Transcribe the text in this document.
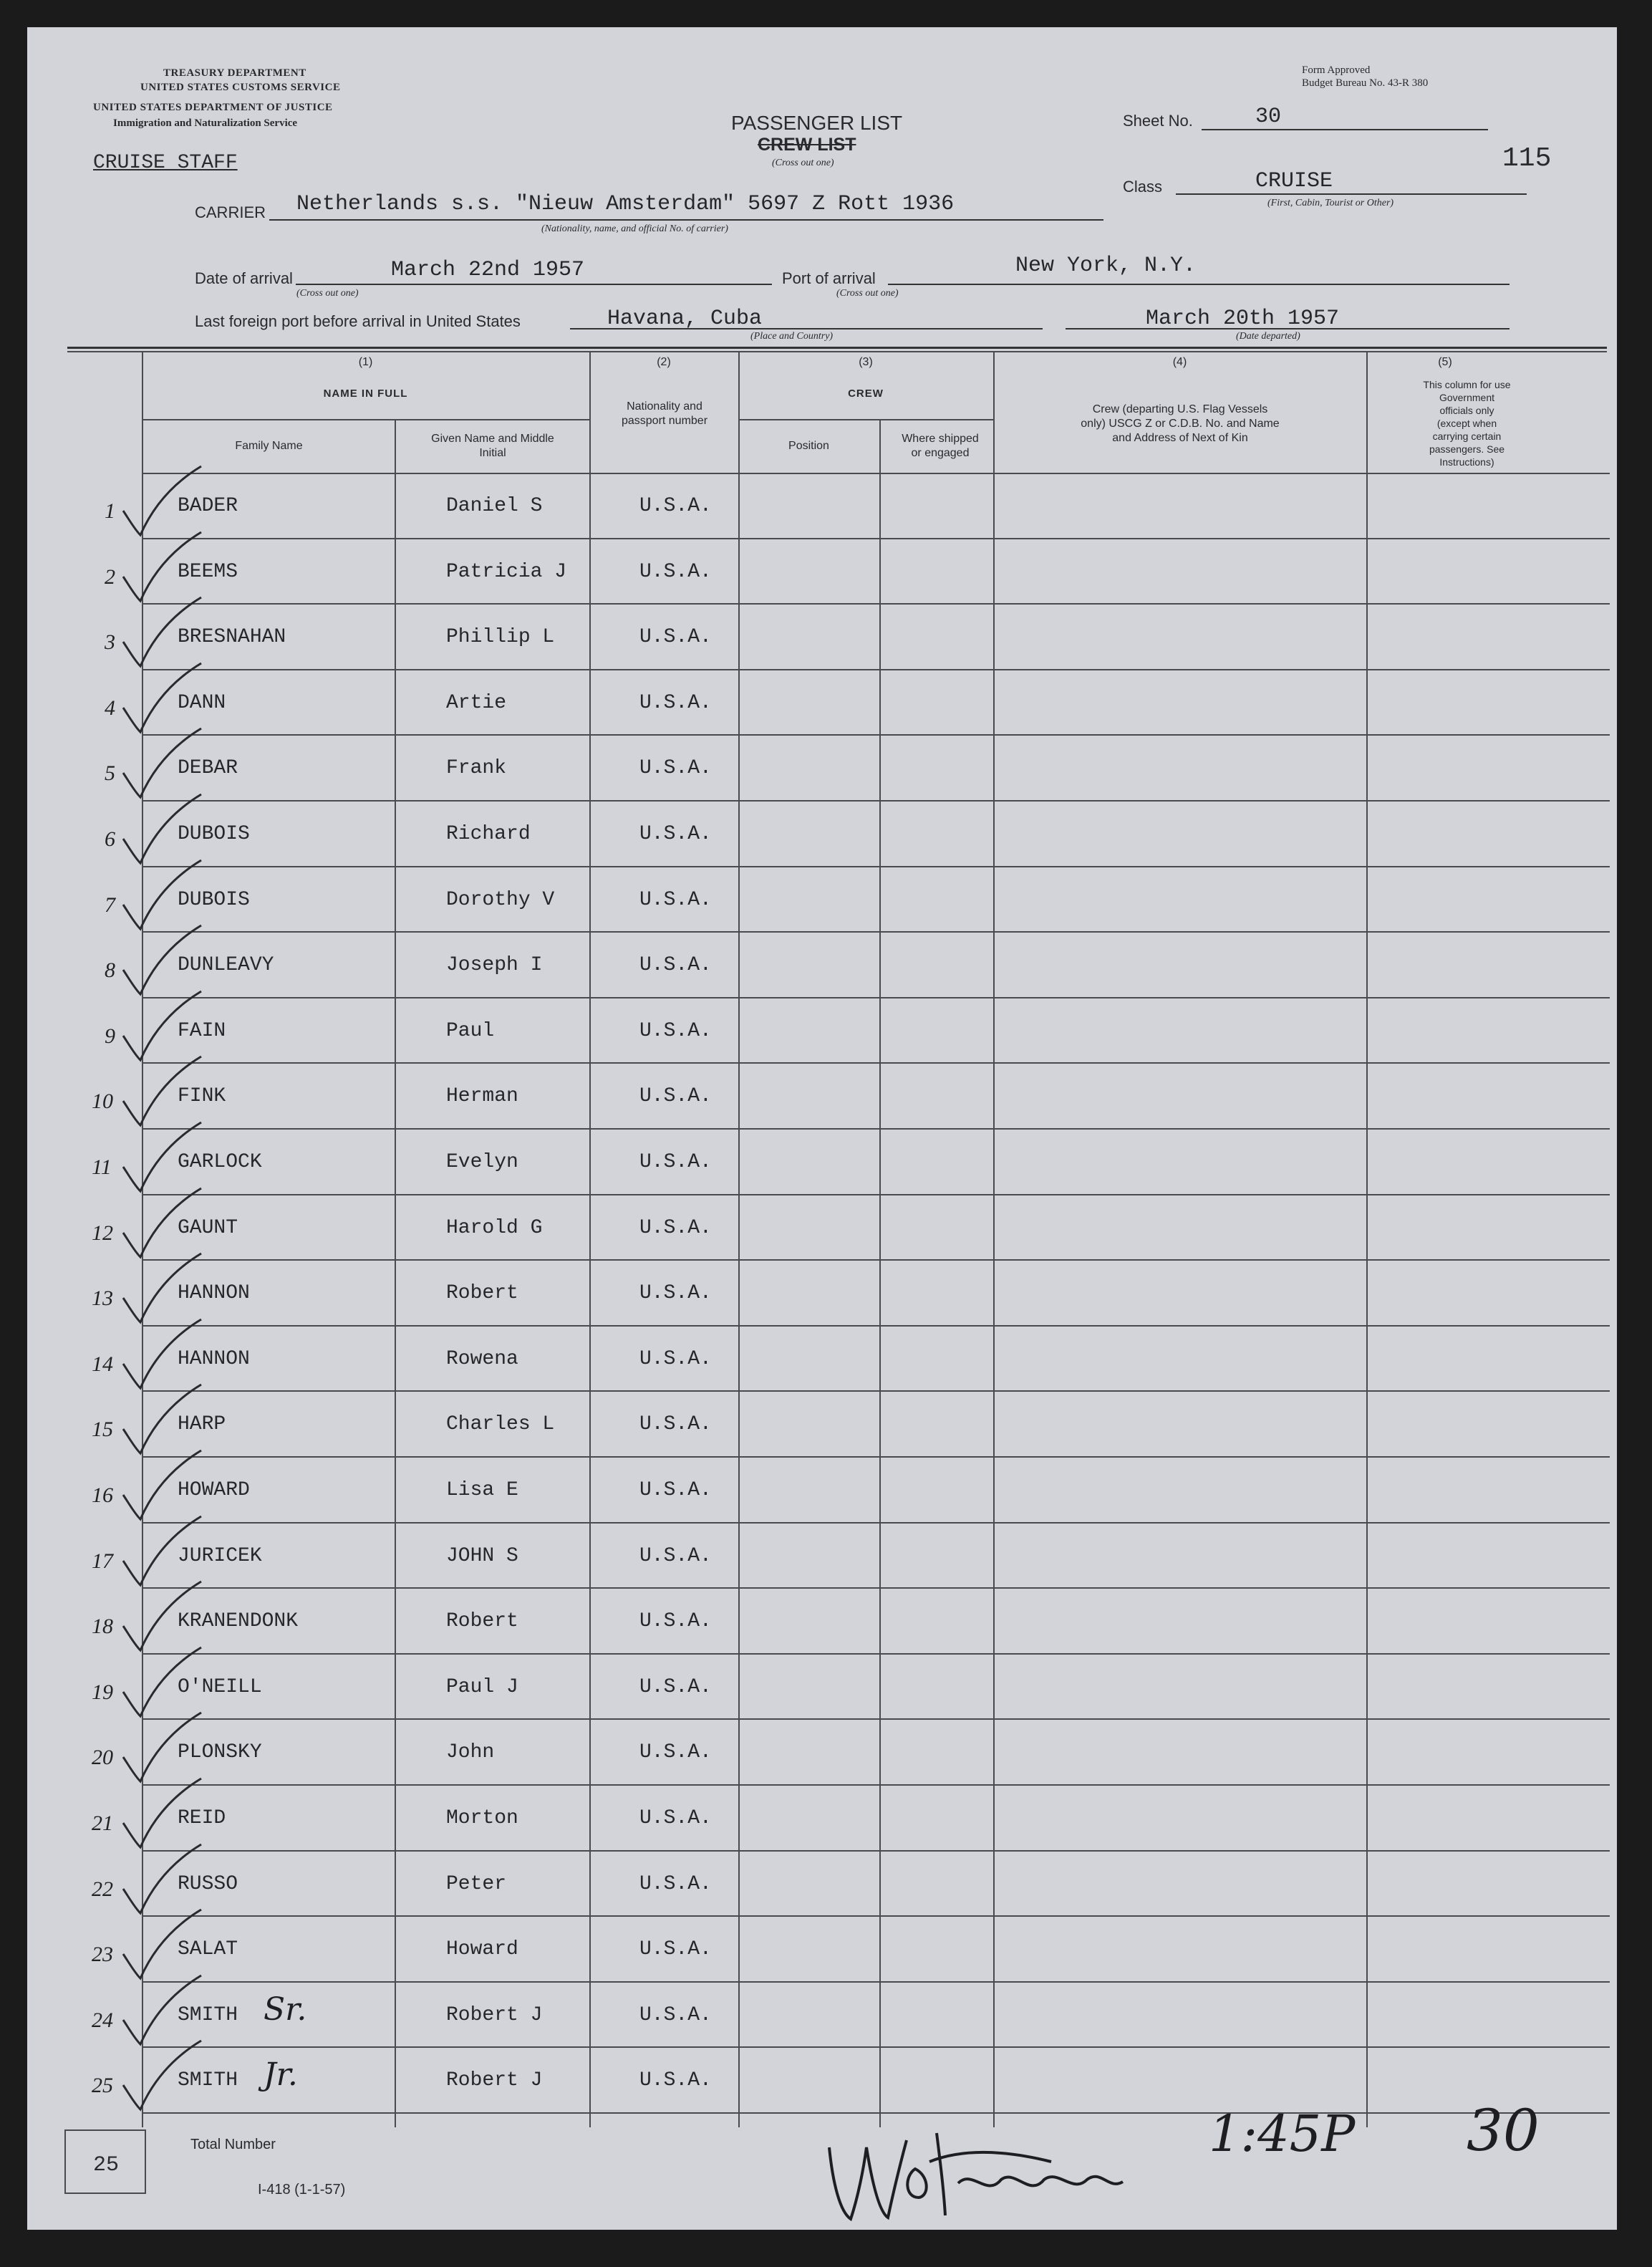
TREASURY DEPARTMENT
UNITED STATES CUSTOMS SERVICE
UNITED STATES DEPARTMENT OF JUSTICE
Immigration and Naturalization Service
CRUISE STAFF
PASSENGER LIST
CREW LIST
(Cross out one)
Form Approved
Budget Bureau No. 43-R 380
Sheet No.	30
115
Class	CRUISE
(First, Cabin, Tourist or Other)
CARRIER Netherlands s.s. "Nieuw Amsterdam" 5697 Z Rott 1936
(Nationality, name, and official No. of carrier)
Date of arrival	March 22nd 1957
(Cross out one)
Port of arrival
New York, N.Y.
(Cross out one)
Last foreign port before arrival in United States	Havana, Cuba
(Place and Country)
March 20th 1957
(Date departed)
(1)
NAME IN FULL
Family Name
Given Name and Middle Initial
(2)
Nationality and passport number
(3)
CREW
Position
Where shipped or engaged
(4)
Crew (departing U.S. Flag Vessels only) USCG Z or C.D.B. No. and Name and Address of Next of Kin
(5)
This column for use Government officials only (except when carrying certain passengers. See Instructions)
1	BADER	Daniel S	U.S.A.
2	BEEMS	Patricia J	U.S.A.
3	BRESNAHAN	Phillip L	U.S.A.
4	DANN	Artie	U.S.A.
5	DEBAR	Frank	U.S.A.
6	DUBOIS	Richard	U.S.A.
7	DUBOIS	Dorothy V	U.S.A.
8	DUNLEAVY	Joseph I	U.S.A.
9	FAIN	Paul	U.S.A.
10	FINK	Herman	U.S.A.
11	GARLOCK	Evelyn	U.S.A.
12	GAUNT	Harold G	U.S.A.
13	HANNON	Robert	U.S.A.
14	HANNON	Rowena	U.S.A.
15	HARP	Charles L	U.S.A.
16	HOWARD	Lisa E	U.S.A.
17	JURICEK	JOHN S	U.S.A.
18	KRANENDONK	Robert	U.S.A.
19	O'NEILL	Paul J	U.S.A.
20	PLONSKY	John	U.S.A.
21	REID	Morton	U.S.A.
22	RUSSO	Peter	U.S.A.
23	SALAT	Howard	U.S.A.
24	SMITH Sr.	Robert J	U.S.A.
25	SMITH Jr.	Robert J	U.S.A.
25
Total Number
I-418 (1-1-57)
1:45P 30
